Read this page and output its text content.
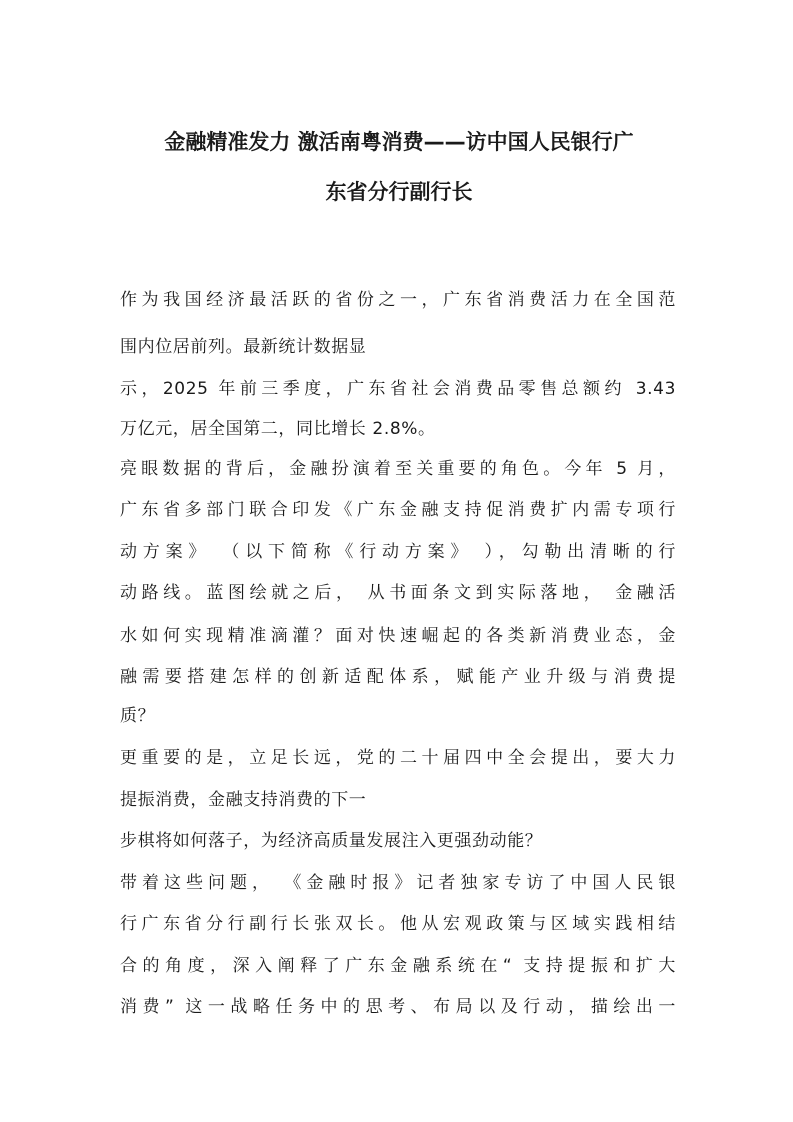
金融精准发力 激活南粤消费——访中国人民银行广
东省分行副行长
作为我国经济最活跃的省份之一，广东省消费活力在全国范
围内位居前列。最新统计数据显
示，2025 年前三季度，广东省社会消费品零售总额约 3.43
万亿元，居全国第二，同比增长 2.8%。
亮眼数据的背后，金融扮演着至关重要的角色。今年 5 月，
广东省多部门联合印发《广东金融支持促消费扩内需专项行
动方案》 （以下简称《行动方案》 ），勾勒出清晰的行
动路线。蓝图绘就之后， 从书面条文到实际落地， 金融活
水如何实现精准滴灌？面对快速崛起的各类新消费业态，金
融需要搭建怎样的创新适配体系，赋能产业升级与消费提
质？
更重要的是，立足长远，党的二十届四中全会提出，要大力
提振消费，金融支持消费的下一
步棋将如何落子，为经济高质量发展注入更强劲动能？
带着这些问题， 《金融时报》记者独家专访了中国人民银
行广东省分行副行长张双长。他从宏观政策与区域实践相结
合的角度，深入阐释了广东金融系统在“ 支持提振和扩大
消费” 这一战略任务中的思考、布局以及行动，描绘出一
